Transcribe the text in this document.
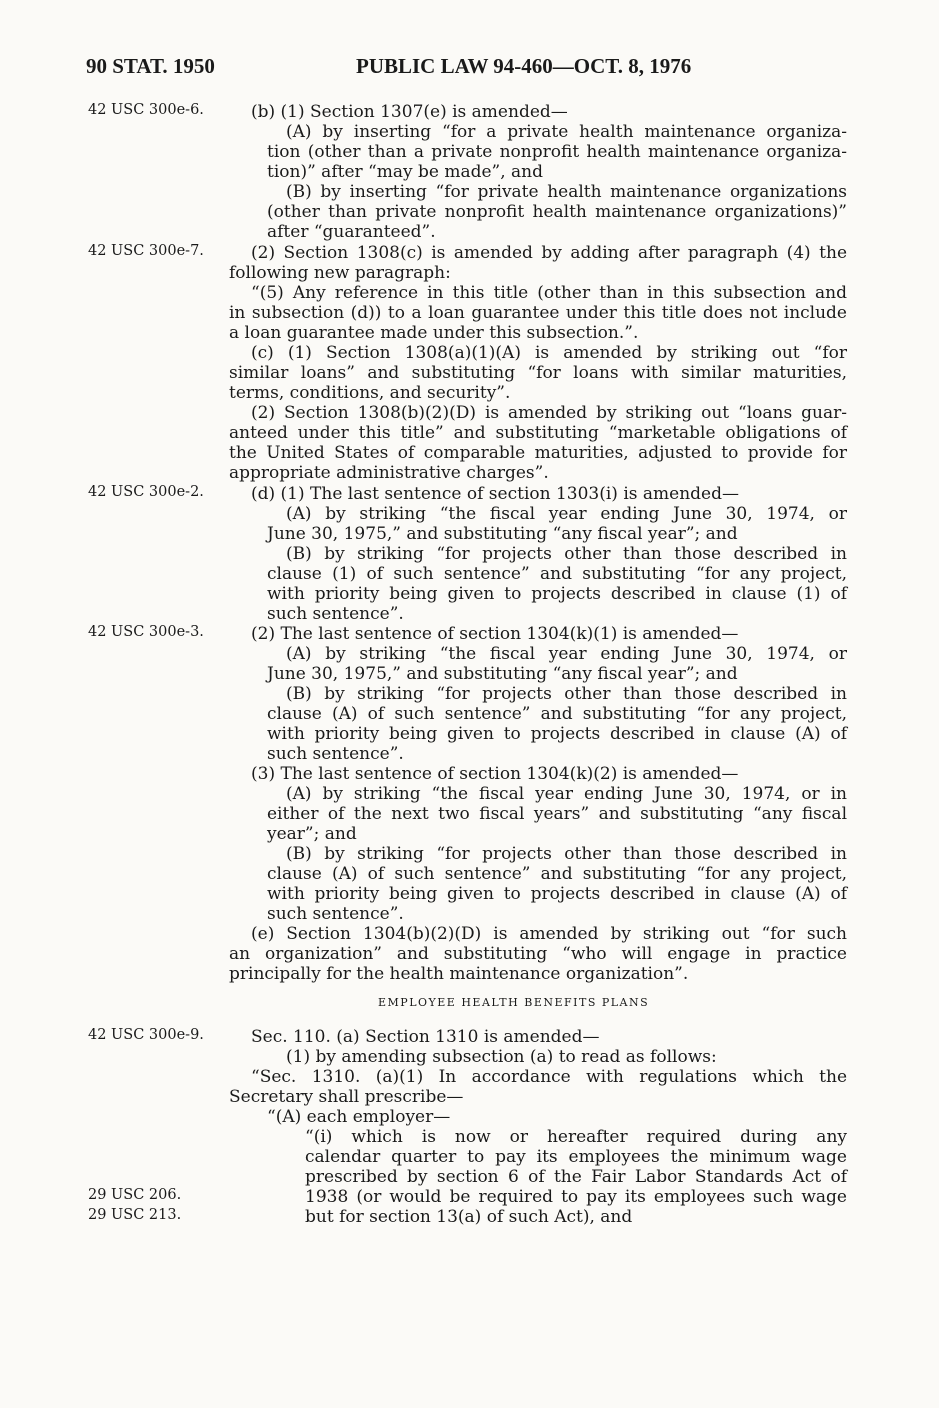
90 STAT. 1950	PUBLIC LAW 94-460—OCT. 8, 1976
42 USC 300e-6.
42 USC 300e-7.
42 USC 300e-2.
42 USC 300e-3.
42 USC 300e-9.
29 USC 206.
29 USC 213.
(b) (1) Section 1307(e) is amended—
(A) by inserting “for a private health maintenance organiza-
tion (other than a private nonprofit health maintenance organiza-
tion)” after “may be made”, and
(B) by inserting “for private health maintenance organizations
(other than private nonprofit health maintenance organizations)”
after “guaranteed”.
(2) Section 1308(c) is amended by adding after paragraph (4) the
following new paragraph:
“(5) Any reference in this title (other than in this subsection and
in subsection (d)) to a loan guarantee under this title does not include
a loan guarantee made under this subsection.”.
(c) (1) Section 1308(a)(1)(A) is amended by striking out “for
similar loans” and substituting “for loans with similar maturities,
terms, conditions, and security”.
(2) Section 1308(b)(2)(D) is amended by striking out “loans guar-
anteed under this title” and substituting “marketable obligations of
the United States of comparable maturities, adjusted to provide for
appropriate administrative charges”.
(d) (1) The last sentence of section 1303(i) is amended—
(A) by striking “the fiscal year ending June 30, 1974, or
June 30, 1975,” and substituting “any fiscal year”; and
(B) by striking “for projects other than those described in
clause (1) of such sentence” and substituting “for any project,
with priority being given to projects described in clause (1) of
such sentence”.
(2) The last sentence of section 1304(k)(1) is amended—
(A) by striking “the fiscal year ending June 30, 1974, or
June 30, 1975,” and substituting “any fiscal year”; and
(B) by striking “for projects other than those described in
clause (A) of such sentence” and substituting “for any project,
with priority being given to projects described in clause (A) of
such sentence”.
(3) The last sentence of section 1304(k)(2) is amended—
(A) by striking “the fiscal year ending June 30, 1974, or in
either of the next two fiscal years” and substituting “any fiscal
year”; and
(B) by striking “for projects other than those described in
clause (A) of such sentence” and substituting “for any project,
with priority being given to projects described in clause (A) of
such sentence”.
(e) Section 1304(b)(2)(D) is amended by striking out “for such
an organization” and substituting “who will engage in practice
principally for the health maintenance organization”.
EMPLOYEE HEALTH BENEFITS PLANS
Sec. 110. (a) Section 1310 is amended—
(1) by amending subsection (a) to read as follows:
“Sec. 1310. (a)(1) In accordance with regulations which the
Secretary shall prescribe—
“(A) each employer—
“(i) which is now or hereafter required during any
calendar quarter to pay its employees the minimum wage
prescribed by section 6 of the Fair Labor Standards Act of
1938 (or would be required to pay its employees such wage
but for section 13(a) of such Act), and
